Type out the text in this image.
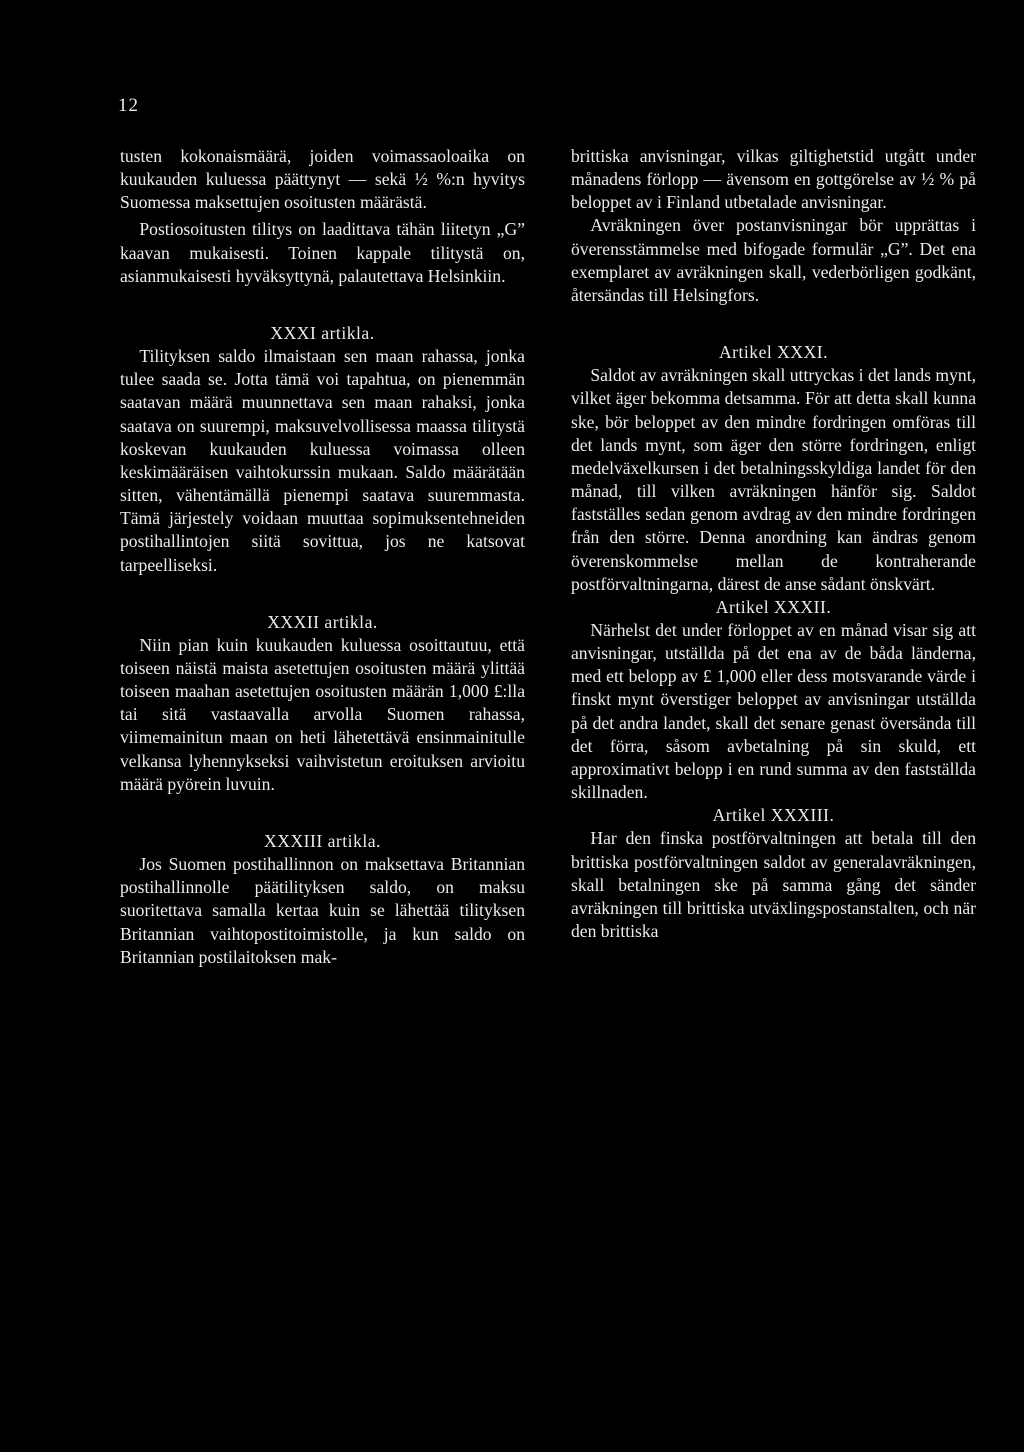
12

tusten kokonaismäärä, joiden voimassaoloaika on kuukauden kuluessa päättynyt — sekä ½ %:n hyvitys Suomessa maksettujen osoitusten määrästä.

Postiosoitusten tilitys on laadittava tähän liitetyn „G” kaavan mukaisesti. Toinen kappale tilitystä on, asianmukaisesti hyväksyttynä, palautettava Helsinkiin.

XXXI artikla.

Tilityksen saldo ilmaistaan sen maan rahassa, jonka tulee saada se. Jotta tämä voi tapahtua, on pienemmän saatavan määrä muunnettava sen maan rahaksi, jonka saatava on suurempi, maksuvelvollisessa maassa tilitystä koskevan kuukauden kuluessa voimassa olleen keskimääräisen vaihtokurssin mukaan. Saldo määrätään sitten, vähentämällä pienempi saatava suuremmasta. Tämä järjestely voidaan muuttaa sopimuksentehneiden postihallintojen siitä sovittua, jos ne katsovat tarpeelliseksi.

XXXII artikla.

Niin pian kuin kuukauden kuluessa osoittautuu, että toiseen näistä maista asetettujen osoitusten määrä ylittää toiseen maahan asetettujen osoitusten määrän 1,000 £:lla tai sitä vastaavalla arvolla Suomen rahassa, viimemainitun maan on heti lähetettävä ensinmainitulle velkansa lyhennykseksi vaihvistetun eroituksen arvioitu määrä pyörein luvuin.

XXXIII artikla.

Jos Suomen postihallinnon on maksettava Britannian postihallinnolle päätilityksen saldo, on maksu suoritettava samalla kertaa kuin se lähettää tilityksen Britannian vaihtopostitoimistolle, ja kun saldo on Britannian postilaitoksen mak-

brittiska anvisningar, vilkas giltighetstid utgått under månadens förlopp — ävensom en gottgörelse av ½ % på beloppet av i Finland utbetalade anvisningar.

Avräkningen över postanvisningar bör upprättas i överensstämmelse med bifogade formulär „G”. Det ena exemplaret av avräkningen skall, vederbörligen godkänt, återsändas till Helsingfors.

Artikel XXXI.

Saldot av avräkningen skall uttryckas i det lands mynt, vilket äger bekomma detsamma. För att detta skall kunna ske, bör beloppet av den mindre fordringen omföras till det lands mynt, som äger den större fordringen, enligt medelväxelkursen i det betalningsskyldiga landet för den månad, till vilken avräkningen hänför sig. Saldot fastställes sedan genom avdrag av den mindre fordringen från den större. Denna anordning kan ändras genom överenskommelse mellan de kontraherande postförvaltningarna, därest de anse sådant önskvärt.

Artikel XXXII.

Närhelst det under förloppet av en månad visar sig att anvisningar, utställda på det ena av de båda länderna, med ett belopp av £ 1,000 eller dess motsvarande värde i finskt mynt överstiger beloppet av anvisningar utställda på det andra landet, skall det senare genast översända till det förra, såsom avbetalning på sin skuld, ett approximativt belopp i en rund summa av den fastställda skillnaden.

Artikel XXXIII.

Har den finska postförvaltningen att betala till den brittiska postförvaltningen saldot av generalavräkningen, skall betalningen ske på samma gång det sänder avräkningen till brittiska utväxlingspostanstalten, och när den brittiska
